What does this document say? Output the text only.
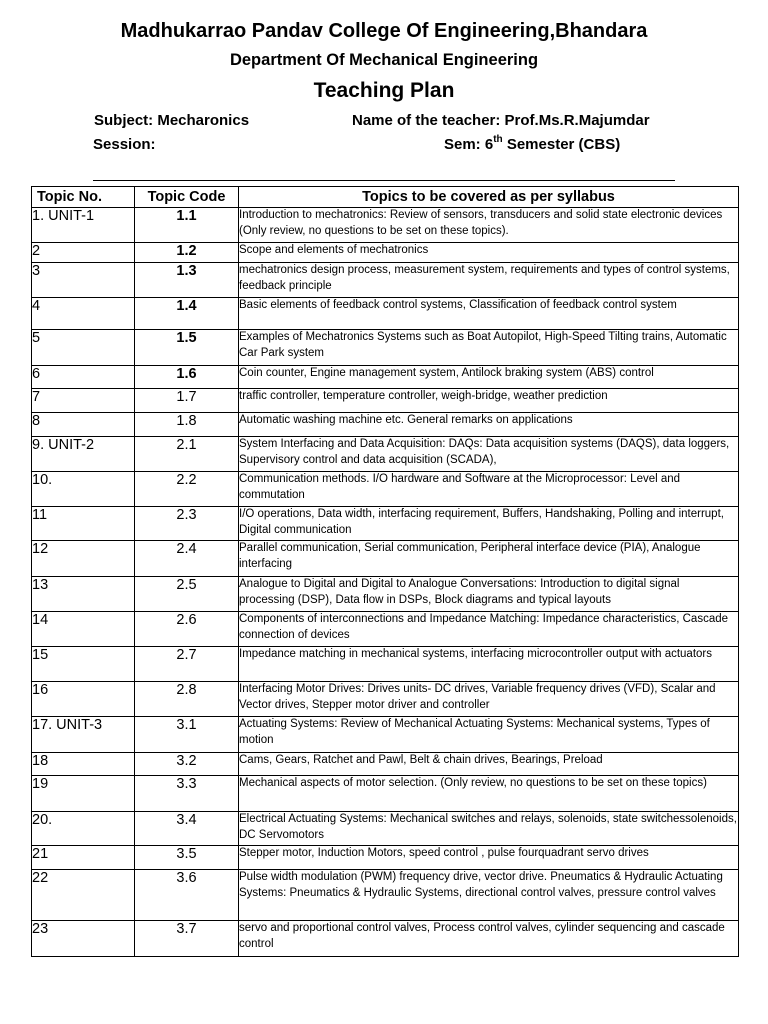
Madhukarrao Pandav College Of Engineering,Bhandara
Department Of Mechanical Engineering
Teaching Plan
Subject: Mecharonics	Name of the teacher: Prof.Ms.R.Majumdar
Session:	Sem: 6th Semester (CBS)
Topic No.	Topic Code	Topics to be covered as per syllabus
1. UNIT-1	1.1	Introduction to mechatronics: Review of sensors, transducers and solid state electronic devices (Only review, no questions to be set on these topics).
2	1.2	Scope and elements of mechatronics
3	1.3	mechatronics design process, measurement system, requirements and types of control systems, feedback principle
4	1.4	Basic elements of feedback control systems, Classification of feedback control system
5	1.5	Examples of Mechatronics Systems such as Boat Autopilot, High-Speed Tilting trains, Automatic Car Park system
6	1.6	Coin counter, Engine management system, Antilock braking system (ABS) control
7	1.7	traffic controller, temperature controller, weigh-bridge, weather prediction
8	1.8	Automatic washing machine etc. General remarks on applications
9. UNIT-2	2.1	System Interfacing and Data Acquisition: DAQs: Data acquisition systems (DAQS), data loggers, Supervisory control and data acquisition (SCADA),
10.	2.2	Communication methods. I/O hardware and Software at the Microprocessor: Level and commutation
11	2.3	I/O operations, Data width, interfacing requirement, Buffers, Handshaking, Polling and interrupt, Digital communication
12	2.4	Parallel communication, Serial communication, Peripheral interface device (PIA), Analogue interfacing
13	2.5	Analogue to Digital and Digital to Analogue Conversations: Introduction to digital signal processing (DSP), Data flow in DSPs, Block diagrams and typical layouts
14	2.6	Components of interconnections and Impedance Matching: Impedance characteristics, Cascade connection of devices
15	2.7	Impedance matching in mechanical systems, interfacing microcontroller output with actuators
16	2.8	Interfacing Motor Drives: Drives units- DC drives, Variable frequency drives (VFD), Scalar and Vector drives, Stepper motor driver and controller
17. UNIT-3	3.1	Actuating Systems: Review of Mechanical Actuating Systems: Mechanical systems, Types of motion
18	3.2	Cams, Gears, Ratchet and Pawl, Belt & chain drives, Bearings, Preload
19	3.3	Mechanical aspects of motor selection. (Only review, no questions to be set on these topics)
20.	3.4	Electrical Actuating Systems: Mechanical switches and relays, solenoids, state switchessolenoids, DC Servomotors
21	3.5	Stepper motor, Induction Motors, speed control , pulse fourquadrant servo drives
22	3.6	Pulse width modulation (PWM) frequency drive, vector drive. Pneumatics & Hydraulic Actuating Systems: Pneumatics & Hydraulic Systems, directional control valves, pressure control valves
23	3.7	servo and proportional control valves, Process control valves, cylinder sequencing and cascade control
